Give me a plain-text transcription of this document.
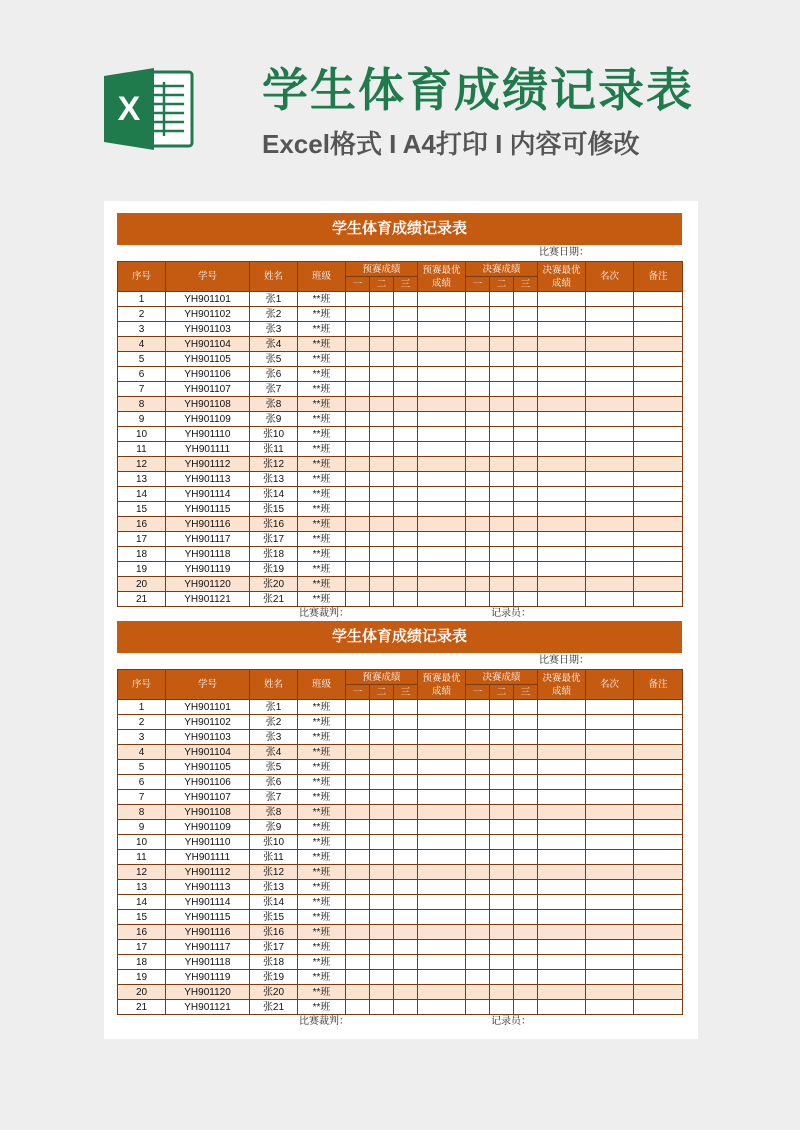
X	学生体育成绩记录表
Excel格式 I A4打印 I 内容可修改
学生体育成绩记录表
比赛日期：
序号	学号	姓名	班级	预赛成绩			预赛最优成绩	决赛成绩			决赛最优成绩	名次	备注
				一	二	三		一	二	三			
1	YH901101	张1	**班										
2	YH901102	张2	**班										
3	YH901103	张3	**班										
4	YH901104	张4	**班										
5	YH901105	张5	**班										
6	YH901106	张6	**班										
7	YH901107	张7	**班										
8	YH901108	张8	**班										
9	YH901109	张9	**班										
10	YH901110	张10	**班										
11	YH901111	张11	**班										
12	YH901112	张12	**班										
13	YH901113	张13	**班										
14	YH901114	张14	**班										
15	YH901115	张15	**班										
16	YH901116	张16	**班										
17	YH901117	张17	**班										
18	YH901118	张18	**班										
19	YH901119	张19	**班										
20	YH901120	张20	**班										
21	YH901121	张21	**班										
比赛裁判：	记录员：
学生体育成绩记录表
比赛日期：
序号	学号	姓名	班级	预赛成绩			预赛最优成绩	决赛成绩			决赛最优成绩	名次	备注
				一	二	三		一	二	三			
1	YH901101	张1	**班										
2	YH901102	张2	**班										
3	YH901103	张3	**班										
4	YH901104	张4	**班										
5	YH901105	张5	**班										
6	YH901106	张6	**班										
7	YH901107	张7	**班										
8	YH901108	张8	**班										
9	YH901109	张9	**班										
10	YH901110	张10	**班										
11	YH901111	张11	**班										
12	YH901112	张12	**班										
13	YH901113	张13	**班										
14	YH901114	张14	**班										
15	YH901115	张15	**班										
16	YH901116	张16	**班										
17	YH901117	张17	**班										
18	YH901118	张18	**班										
19	YH901119	张19	**班										
20	YH901120	张20	**班										
21	YH901121	张21	**班										
比赛裁判：	记录员：
